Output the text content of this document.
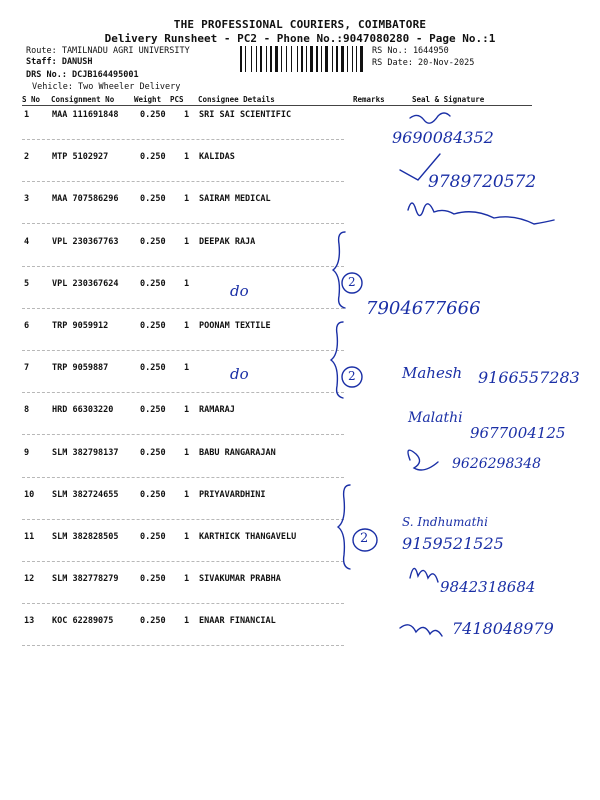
THE PROFESSIONAL COURIERS, COIMBATORE
Delivery Runsheet - PC2 - Phone No.:9047080280 - Page No.:1
Route: TAMILNADU AGRI UNIVERSITY
Staff: DANUSH
DRS No.: DCJB164495001
Vehicle: Two Wheeler Delivery
RS No.: 1644950
RS Date: 20-Nov-2025
S No Consignment No	Weight PCS Consignee Details	Remarks	Seal & Signature
1	MAA 111691848	0.250 1 SRI SAI SCIENTIFIC
2	MTP 5102927	0.250 1 KALIDAS
3	MAA 707586296	0.250 1 SAIRAM MEDICAL
4	VPL 230367763	0.250 1 DEEPAK RAJA
5	VPL 230367624	0.250 1
6	TRP 9059912	0.250 1 POONAM TEXTILE
7	TRP 9059887	0.250 1
8	HRD 66303220	0.250 1 RAMARAJ
9	SLM 382798137	0.250 1 BABU RANGARAJAN
10 SLM 382724655	0.250 1 PRIYAVARDHINI
11 SLM 382828505	0.250 1 KARTHICK THANGAVELU
12 SLM 382778279	0.250 1 SIVAKUMAR PRABHA
13 KOC 62289075	0.250 1 ENAAR FINANCIAL
do
do
2
2
2
9690084352
9789720572
7904677666
Mahesh 9166557283
Malathi
9677004125
9626298348
S. Indhumathi
9159521525
9842318684
7418048979
